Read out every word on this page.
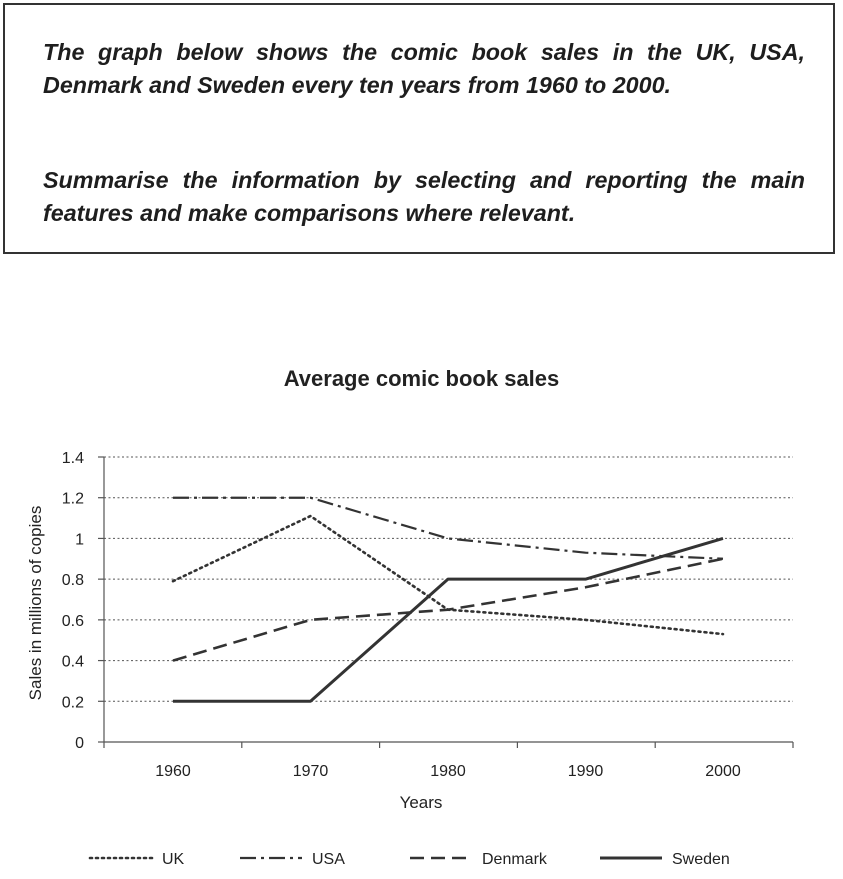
The graph below shows the comic book sales in the UK, USA, Denmark and Sweden every ten years from 1960 to 2000.

Summarise the information by selecting and reporting the main features and make comparisons where relevant.

Average comic book sales
0
0.2
0.4
0.6
0.8
1
1.2
1.4
1960	1970	1980	1990	2000
Years
Sales in millions of copies
UK	USA	Denmark	Sweden
